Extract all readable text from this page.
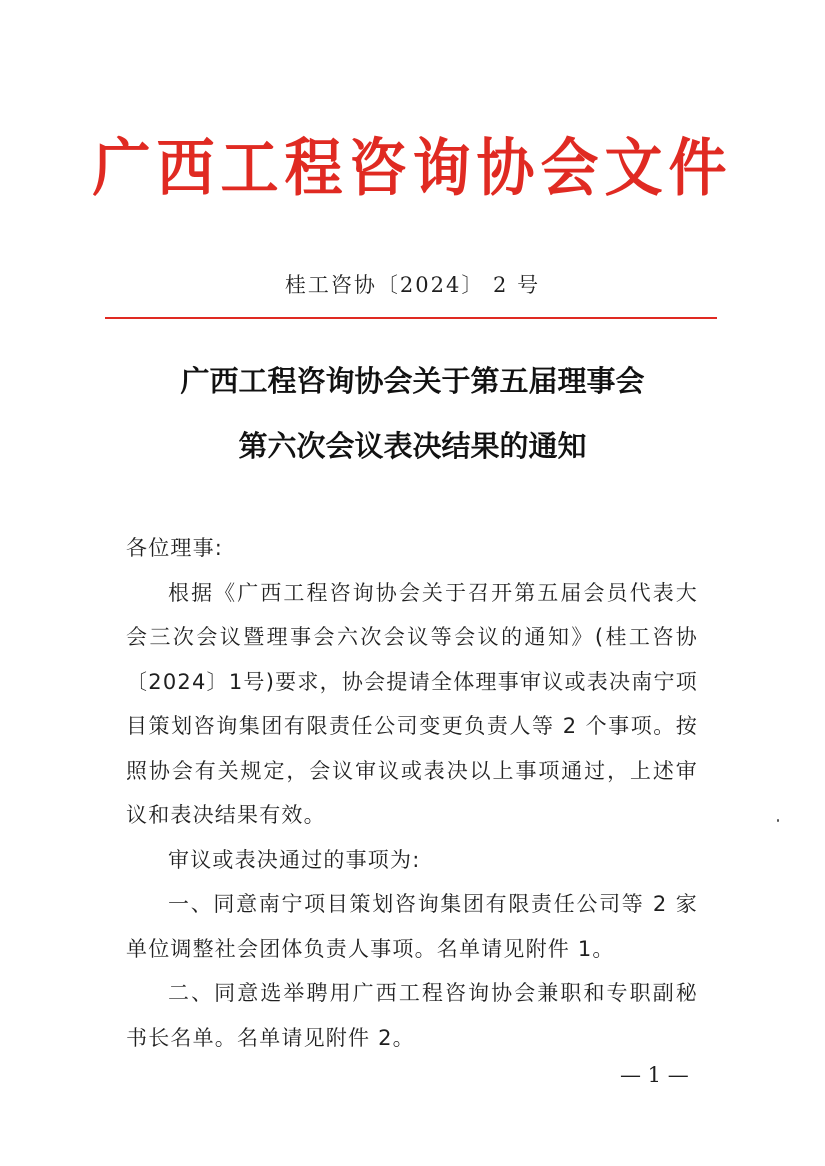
广西工程咨询协会文件
桂工咨协〔2024〕 2 号
广西工程咨询协会关于第五届理事会
第六次会议表决结果的通知

各位理事:

根据《广西工程咨询协会关于召开第五届会员代表大会三次会议暨理事会六次会议等会议的通知》(桂工咨协〔2024〕1号)要求，协会提请全体理事审议或表决南宁项目策划咨询集团有限责任公司变更负责人等 2 个事项。按照协会有关规定，会议审议或表决以上事项通过，上述审议和表决结果有效。

审议或表决通过的事项为:

一、同意南宁项目策划咨询集团有限责任公司等 2 家单位调整社会团体负责人事项。名单请见附件 1。

二、同意选举聘用广西工程咨询协会兼职和专职副秘书长名单。名单请见附件 2。

— 1 —
